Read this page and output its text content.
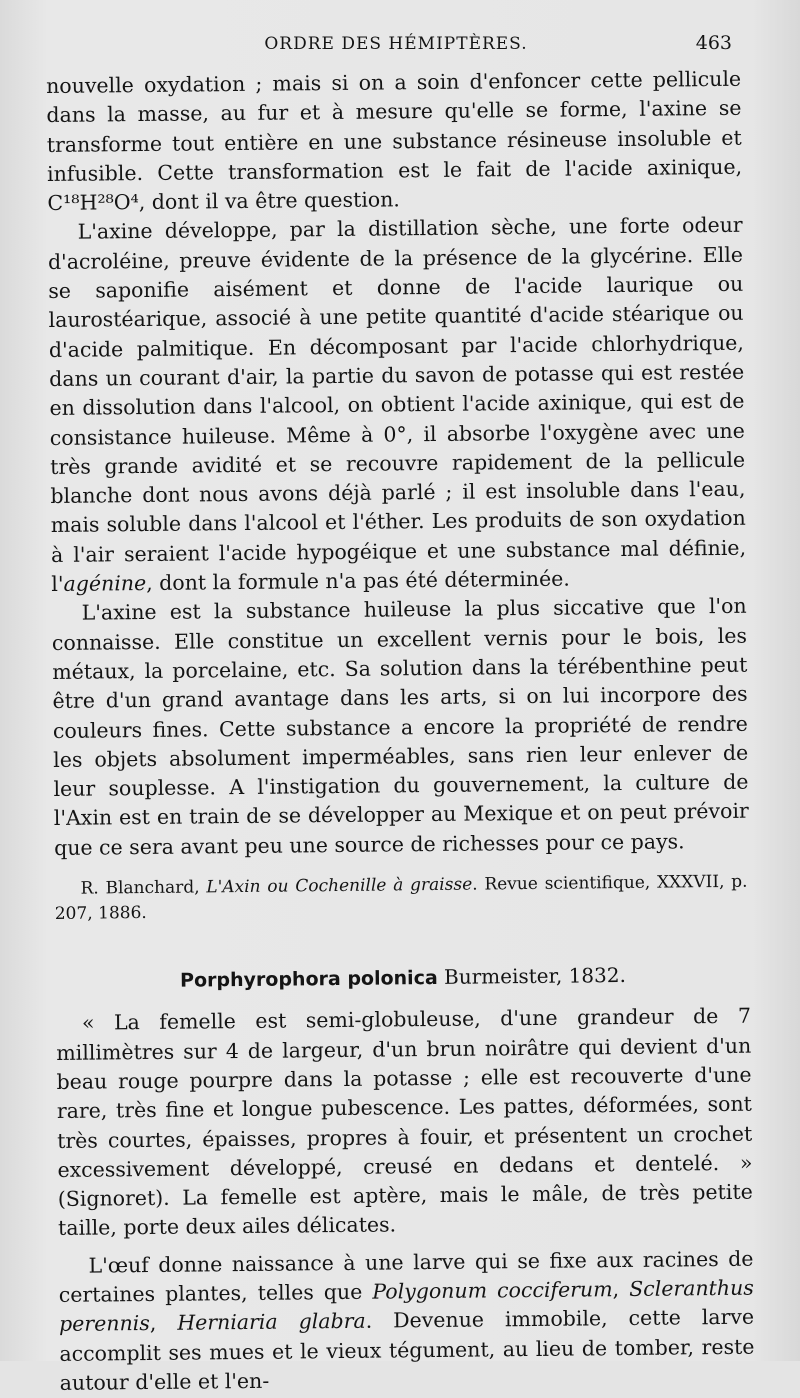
ORDRE DES HÉMIPTÈRES.	463

nouvelle oxydation ; mais si on a soin d'enfoncer cette pellicule dans la masse, au fur et à mesure qu'elle se forme, l'axine se transforme tout entière en une substance résineuse insoluble et infusible. Cette transformation est le fait de l'acide axinique, C¹⁸H²⁸O⁴, dont il va être question.

L'axine développe, par la distillation sèche, une forte odeur d'acroléine, preuve évidente de la présence de la glycérine. Elle se saponifie aisément et donne de l'acide laurique ou laurostéarique, associé à une petite quantité d'acide stéarique ou d'acide palmitique. En décomposant par l'acide chlorhydrique, dans un courant d'air, la partie du savon de potasse qui est restée en dissolution dans l'alcool, on obtient l'acide axinique, qui est de consistance huileuse. Même à 0°, il absorbe l'oxygène avec une très grande avidité et se recouvre rapidement de la pellicule blanche dont nous avons déjà parlé ; il est insoluble dans l'eau, mais soluble dans l'alcool et l'éther. Les produits de son oxydation à l'air seraient l'acide hypogéique et une substance mal définie, l'agénine, dont la formule n'a pas été déterminée.

L'axine est la substance huileuse la plus siccative que l'on connaisse. Elle constitue un excellent vernis pour le bois, les métaux, la porcelaine, etc. Sa solution dans la térébenthine peut être d'un grand avantage dans les arts, si on lui incorpore des couleurs fines. Cette substance a encore la propriété de rendre les objets absolument imperméables, sans rien leur enlever de leur souplesse. A l'instigation du gouvernement, la culture de l'Axin est en train de se développer au Mexique et on peut prévoir que ce sera avant peu une source de richesses pour ce pays.

R. Blanchard, L'Axin ou Cochenille à graisse. Revue scientifique, XXXVII, p. 207, 1886.

Porphyrophora polonica Burmeister, 1832.

« La femelle est semi-globuleuse, d'une grandeur de 7 millimètres sur 4 de largeur, d'un brun noirâtre qui devient d'un beau rouge pourpre dans la potasse ; elle est recouverte d'une rare, très fine et longue pubescence. Les pattes, déformées, sont très courtes, épaisses, propres à fouir, et présentent un crochet excessivement développé, creusé en dedans et dentelé. » (Signoret). La femelle est aptère, mais le mâle, de très petite taille, porte deux ailes délicates.

L'œuf donne naissance à une larve qui se fixe aux racines de certaines plantes, telles que Polygonum cocciferum, Scleranthus perennis, Herniaria glabra. Devenue immobile, cette larve accomplit ses mues et le vieux tégument, au lieu de tomber, reste autour d'elle et l'en-
